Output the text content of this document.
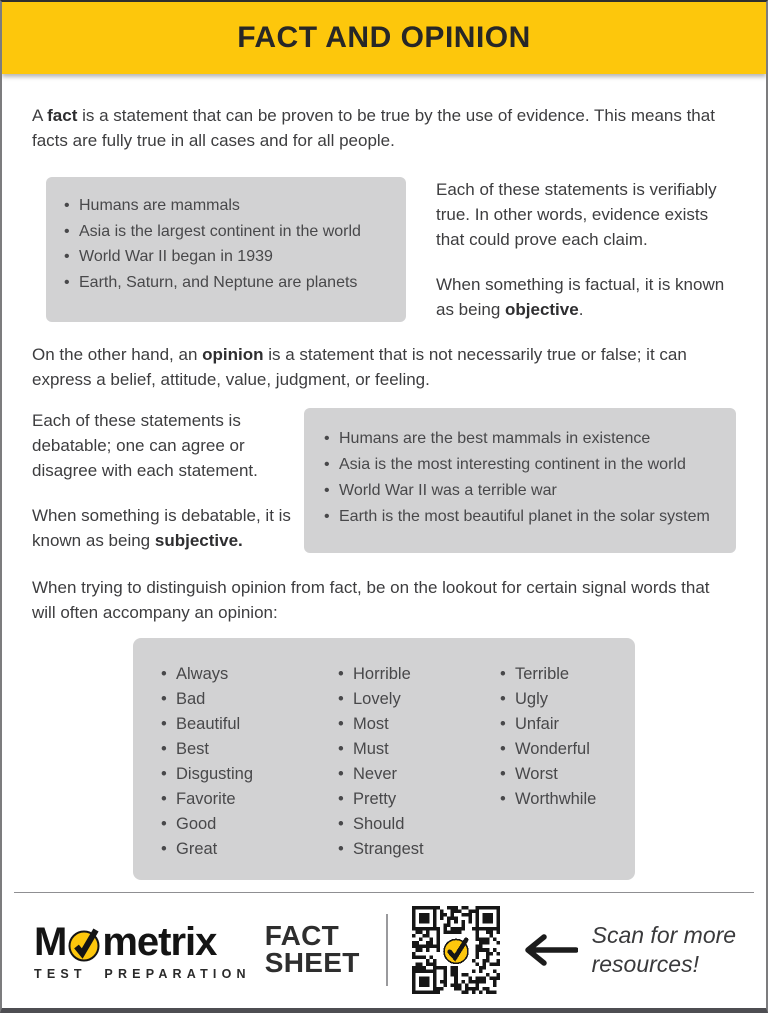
FACT AND OPINION

A fact is a statement that can be proven to be true by the use of evidence. This means that facts are fully true in all cases and for all people.

• Humans are mammals
• Asia is the largest continent in the world
• World War II began in 1939
• Earth, Saturn, and Neptune are planets

Each of these statements is verifiably true. In other words, evidence exists that could prove each claim.

When something is factual, it is known as being objective.

On the other hand, an opinion is a statement that is not necessarily true or false; it can express a belief, attitude, value, judgment, or feeling.

Each of these statements is debatable; one can agree or disagree with each statement.

When something is debatable, it is known as being subjective.

• Humans are the best mammals in existence
• Asia is the most interesting continent in the world
• World War II was a terrible war
• Earth is the most beautiful planet in the solar system

When trying to distinguish opinion from fact, be on the lookout for certain signal words that will often accompany an opinion:

• Always
• Bad
• Beautiful
• Best
• Disgusting
• Favorite
• Good
• Great
• Horrible
• Lovely
• Most
• Must
• Never
• Pretty
• Should
• Strangest
• Terrible
• Ugly
• Unfair
• Wonderful
• Worst
• Worthwhile
M metrix
TEST PREPARATION
FACT
SHEET
Scan for more
resources!
